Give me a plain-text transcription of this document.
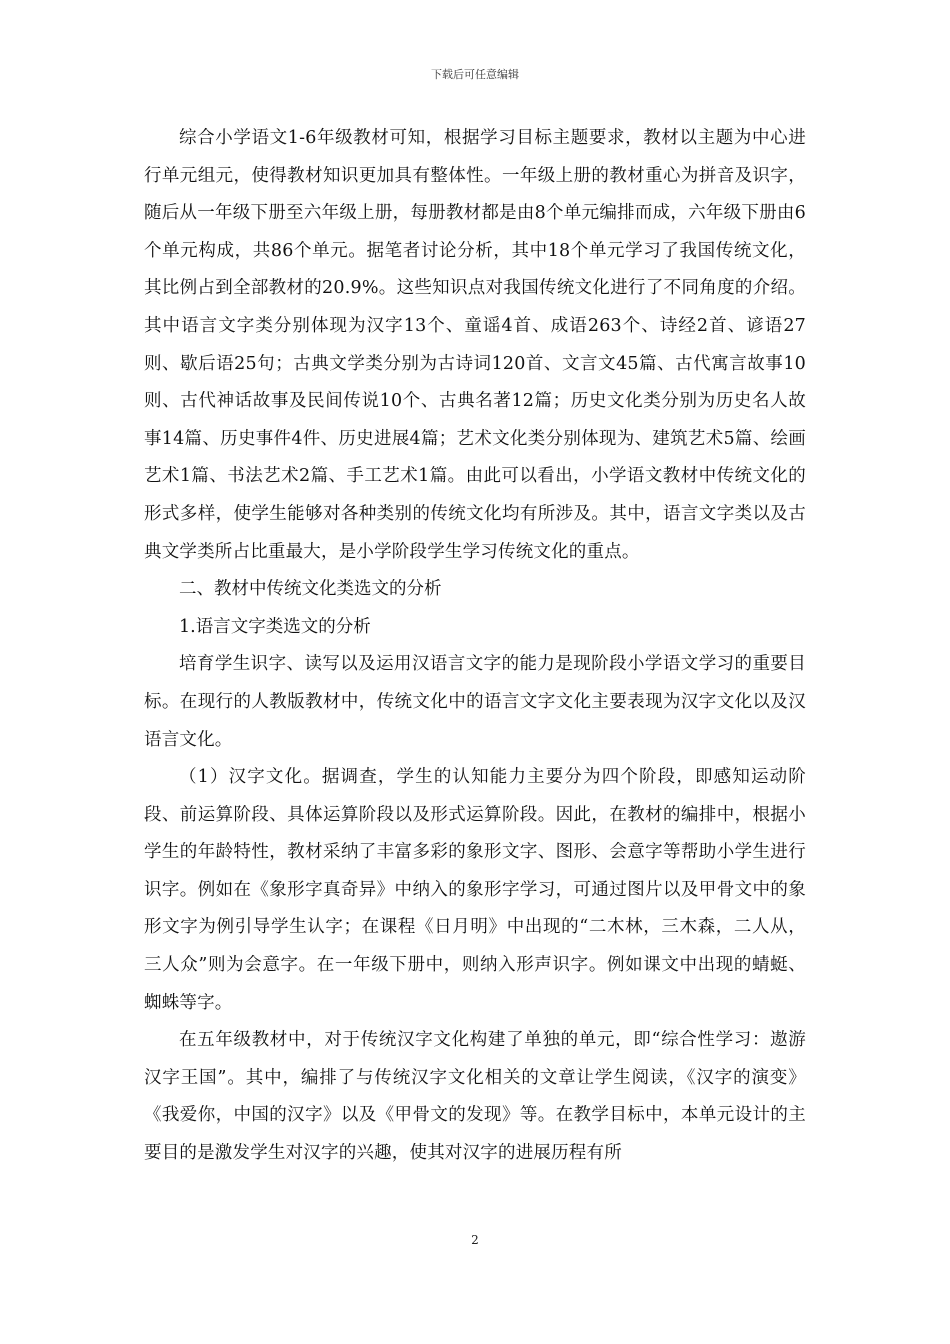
下载后可任意编辑

综合小学语文1-6年级教材可知，根据学习目标主题要求，教材以主题为中心进行单元组元，使得教材知识更加具有整体性。一年级上册的教材重心为拼音及识字，随后从一年级下册至六年级上册，每册教材都是由8个单元编排而成，六年级下册由6个单元构成，共86个单元。据笔者讨论分析，其中18个单元学习了我国传统文化，其比例占到全部教材的20.9%。这些知识点对我国传统文化进行了不同角度的介绍。其中语言文字类分别体现为汉字13个、童谣4首、成语263个、诗经2首、谚语27则、歇后语25句；古典文学类分别为古诗词120首、文言文45篇、古代寓言故事10则、古代神话故事及民间传说10个、古典名著12篇；历史文化类分别为历史名人故事14篇、历史事件4件、历史进展4篇；艺术文化类分别体现为、建筑艺术5篇、绘画艺术1篇、书法艺术2篇、手工艺术1篇。由此可以看出，小学语文教材中传统文化的形式多样，使学生能够对各种类别的传统文化均有所涉及。其中，语言文字类以及古典文学类所占比重最大，是小学阶段学生学习传统文化的重点。

二、教材中传统文化类选文的分析

1.语言文字类选文的分析

培育学生识字、读写以及运用汉语言文字的能力是现阶段小学语文学习的重要目标。在现行的人教版教材中，传统文化中的语言文字文化主要表现为汉字文化以及汉语言文化。

（1）汉字文化。据调查，学生的认知能力主要分为四个阶段，即感知运动阶段、前运算阶段、具体运算阶段以及形式运算阶段。因此，在教材的编排中，根据小学生的年龄特性，教材采纳了丰富多彩的象形文字、图形、会意字等帮助小学生进行识字。例如在《象形字真奇异》中纳入的象形字学习，可通过图片以及甲骨文中的象形文字为例引导学生认字；在课程《日月明》中出现的“二木林，三木森，二人从，三人众”则为会意字。在一年级下册中，则纳入形声识字。例如课文中出现的蜻蜓、蜘蛛等字。

在五年级教材中，对于传统汉字文化构建了单独的单元，即“综合性学习：遨游汉字王国”。其中，编排了与传统汉字文化相关的文章让学生阅读，《汉字的演变》《我爱你，中国的汉字》以及《甲骨文的发现》等。在教学目标中，本单元设计的主要目的是激发学生对汉字的兴趣，使其对汉字的进展历程有所

2
